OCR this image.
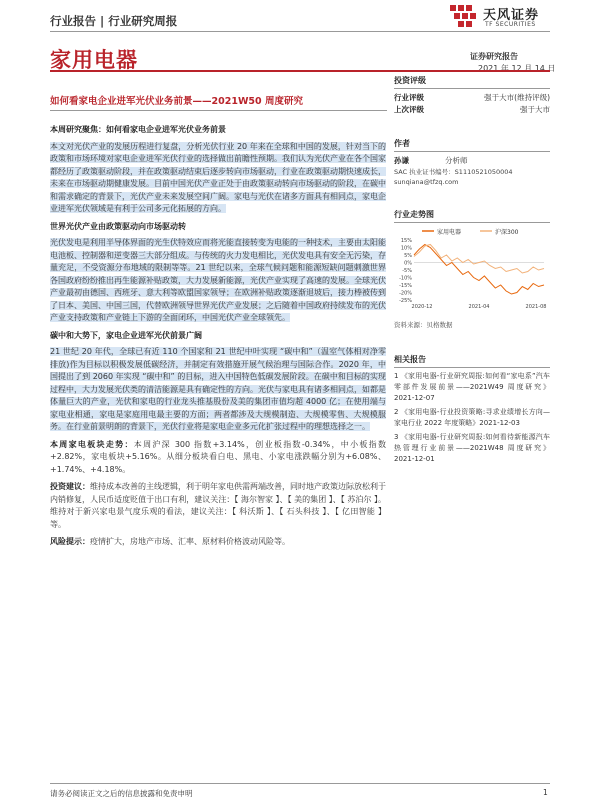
行业报告 | 行业研究周报	天风证券
TF SECURITIES
家用电器	证券研究报告
2021 年 12 月 14 日
如何看家电企业进军光伏业务前景——2021W50 周度研究
本周研究聚焦：如何看家电企业进军光伏业务前景

本文对光伏产业的发展历程进行复盘，分析光伏行业 20 年来在全球和中国的发展，针对当下的政策和市场环境对家电企业进军光伏行业的选择做出前瞻性预期。我们认为光伏产业在各个国家都经历了政策驱动阶段，并在政策驱动结束后逐步转向市场驱动，行业在政策驱动期快速成长，未来在市场驱动期健康发展。目前中国光伏产业正处于由政策驱动转向市场驱动的阶段，在碳中和需求确定的背景下，光伏产业未来发展空间广阔。家电与光伏在诸多方面具有相同点，家电企业进军光伏领域是有利于公司多元化拓展的方向。

世界光伏产业由政策驱动向市场驱动转

光伏发电是利用半导体界面的光生伏特效应而将光能直接转变为电能的一种技术，主要由太阳能电池板、控制器和逆变器三大部分组成。与传统的火力发电相比，光伏发电具有安全无污染，存量充足，不受资源分布地域的限制等等。21 世纪以来，全球气候问题和能源短缺问题刺激世界各国政府纷纷推出再生能源补贴政策，大力发展新能源，光伏产业实现了高速的发展。全球光伏产业最初由德国、西班牙、意大利等欧盟国家领导；在欧洲补贴政策逐渐退坡后，接力棒被传到了日本、美国、中国三国，代替欧洲领导世界光伏产业发展；之后随着中国政府持续发布的光伏产业支持政策和产业链上下游的全面闭环，中国光伏产业全球领先。

碳中和大势下，家电企业进军光伏前景广阔

21 世纪 20 年代，全球已有近 110 个国家和 21 世纪中叶实现 “碳中和”（温室气体相对净零排放)作为目标以积极发展低碳经济，并制定有效措施开展气候治理与国际合作。2020 年，中国提出了到 2060 年实现 “碳中和” 的目标，进入中国特色低碳发展阶段。在碳中和目标的实现过程中，大力发展光伏类的清洁能源是具有确定性的方向。光伏与家电具有诸多相同点，如都是体量巨大的产业，光伏和家电的行业龙头推基股份及美的集团市值均超 4000 亿；在使用端与家电业相通，家电是家庭用电最主要的方面；两者都涉及大规模制造、大规模零售、大规模服务。在行业前景明朗的背景下，光伏行业将是家电企业多元化扩张过程中的理想选择之一。

本周家电板块走势：本周沪深 300 指数+3.14%，创业板指数-0.34%，中小板指数+2.82%，家电板块+5.16%。从细分板块看白电、黑电、小家电涨跌幅分别为+6.08%、+1.74%、+4.18%。

投资建议：维持成本改善的主线逻辑，利于明年家电供需两端改善，同时地产政策边际放松利于内销修复，人民币适度贬值于出口有利，建议关注：【 海尔智家 】、【 美的集团 】、【 苏泊尔 】。维持对于新兴家电景气度乐观的看法，建议关注：【 科沃斯 】、【 石头科技 】、【 亿田智能 】等。

风险提示：疫情扩大，房地产市场、汇率、原材料价格波动风险等。

投资评级
行业评级	强于大市(维持评级)
上次评级	强于大市
作者
孙谦	分析师
SAC 执业证书编号：S1110521050004
sunqiana@tfzq.com
行业走势图
家用电器	沪深300
15%
10%
5%
0%
-5%
-10%
-15%
-20%
-25%
2020-12	2021-04	2021-08
资料来源：贝格数据
相关报告
1 《家用电器-行业研究周报:如何看“家电系”汽车零部件发展前景——2021W49 周度研究》 2021-12-07
2 《家用电器-行业投资策略:寻求业绩增长方向—家电行业 2022 年度策略》2021-12-03
3 《家用电器-行业研究周报:如何看待新能源汽车热管理行业前景——2021W48 周度研究》 2021-12-01
请务必阅读正文之后的信息披露和免责申明	1
